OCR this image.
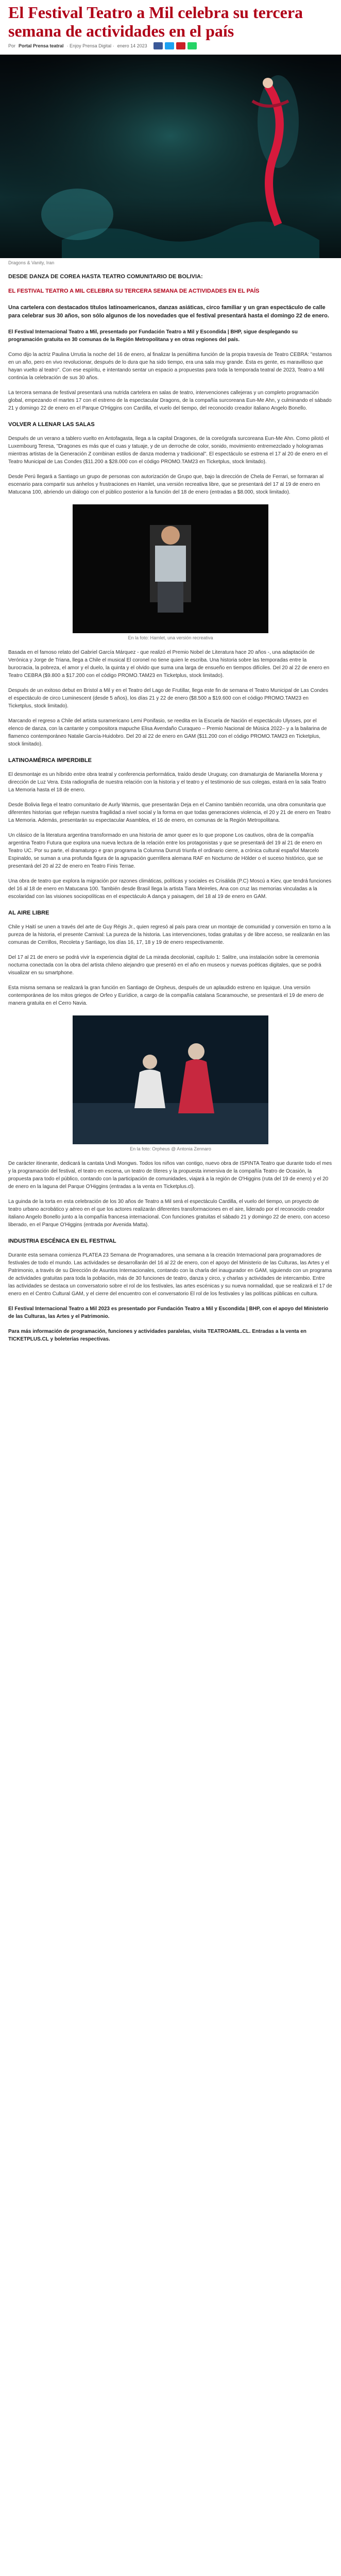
El Festival Teatro a Mil celebra su tercera semana de actividades en el país
Por Portal Prensa teatral · Enjoy Prensa Digital · enero 14 2023
Dragons & Vanity, Iran
DESDE DANZA DE COREA HASTA TEATRO COMUNITARIO DE BOLIVIA:
EL FESTIVAL TEATRO A MIL CELEBRA SU TERCERA SEMANA DE ACTIVIDADES EN EL PAÍS
Una cartelera con destacados títulos latinoamericanos, danzas asiáticas, circo familiar y un gran espectáculo de calle para celebrar sus 30 años, son sólo algunos de los novedades que el festival presentará hasta el domingo 22 de enero.

El Festival Internacional Teatro a Mil, presentado por Fundación Teatro a Mil y Escondida | BHP, sigue desplegando su programación gratuita en 30 comunas de la Región Metropolitana y en otras regiones del país.

Como dijo la actriz Paulina Urrutia la noche del 16 de enero, al finalizar la penúltima función de la propia travesía de Teatro CEBRA: "estamos en un año, pero en vivo revolucionar, después de lo dura que ha sido tiempo, era una sala muy grande. Ésta es gente, es maravilloso que hayan vuelto al teatro". Con ese espíritu, e intentando sentar un espacio a propuestas para toda la temporada teatral de 2023, Teatro a Mil continúa la celebración de sus 30 años.

La tercera semana de festival presentará una nutrida cartelera en salas de teatro, intervenciones callejeras y un completo programación global, empezando el martes 17 con el estreno de la espectacular Dragons, de la compañía surcoreana Eun-Me Ahn, y culminando el sábado 21 y domingo 22 de enero en el Parque O'Higgins con Cardilla, el vuelo del tiempo, del reconocido creador italiano Angelo Bonello.

VOLVER A LLENAR LAS SALAS

Después de un verano a tablero vuelto en Antofagasta, llega a la capital Dragones, de la coreógrafa surcoreana Eun-Me Ahn. Como pilotó el Luxembourg Teresa, "Dragones es más que el cuas y tatuaje, y de un derroche de color, sonido, movimiento entremezclado y hologramas mientras artistas de la Generación Z combinan estilos de danza moderna y tradicional". El espectáculo se estrena el 17 al 20 de enero en el Teatro Municipal de Las Condes ($11.200 a $28.000 con el código PROMO.TAM23 en Ticketplus, stock limitado).

Desde Perú llegará a Santiago un grupo de personas con autorización de Grupo que, bajo la dirección de Chela de Ferrari, se formaran al escenario para compartir sus anhelos y frustraciones en Hamlet, una versión recreativa libre, que se presentará del 17 al 19 de enero en Matucana 100, abriendo un diálogo con el público posterior a la función del 18 de enero (entradas a $8.000, stock limitado).

En la foto: Hamlet, una versión recreativa

Basada en el famoso relato del Gabriel García Márquez - que realizó el Premio Nobel de Literatura hace 20 años -, una adaptación de Verónica y Jorge de Triana, llega a Chile el musical El coronel no tiene quien le escriba. Una historia sobre las temporadas entre la burocracia, la pobreza, el amor y el duelo, la quinta y el olvido que suma una larga de ensueño en tiempos difíciles. Del 20 al 22 de enero en Teatro CEBRA ($9.800 a $17.200 con el código PROMO.TAM23 en Ticketplus, stock limitado).

Después de un exitoso debut en Bristol a Mil y en el Teatro del Lago de Frutillar, llega este fin de semana el Teatro Municipal de Las Condes el espectáculo de circo Luminescent (desde 5 años), los días 21 y 22 de enero ($8.500 a $19.600 con el código PROMO.TAM23 en Ticketplus, stock limitado).

Marcando el regreso a Chile del artista suramericano Lemi Ponifasio, se reedita en la Escuela de Nación el espectáculo Ulysses, por el elenco de danza, con la cantante y compositora mapuche Elisa Avendaño Curaqueo – Premio Nacional de Música 2022– y a la bailarina de flamenco contemporáneo Natalie García-Huidobro. Del 20 al 22 de enero en GAM ($11.200 con el código PROMO.TAM23 en Ticketplus, stock limitado).

LATINOAMÉRICA IMPERDIBLE

El desmontaje es un híbrido entre obra teatral y conferencia performática, traído desde Uruguay, con dramaturgia de Marianella Morena y dirección de Luz Vera. Esta radiografía de nuestra relación con la historia y el teatro y el testimonio de sus colegas, estará en la sala Teatro La Memoria hasta el 18 de enero.

Desde Bolivia llega el teatro comunitario de Aurly Warmis, que presentarán Deja en el Camino también recorrida, una obra comunitaria que diferentes historias que reflejan nuestra fragilidad a nivel social y la forma en que todas generaciones violencia, el 20 y 21 de enero en Teatro La Memoria. Además, presentarán su espectacular Asamblea, el 16 de enero, en comunas de la Región Metropolitana.

Un clásico de la literatura argentina transformado en una historia de amor queer es lo que propone Los cautivos, obra de la compañía argentina Teatro Futura que explora una nueva lectura de la relación entre los protagonistas y que se presentará del 19 al 21 de enero en Teatro UC. Por su parte, el dramaturgo e gran programa la Columna Durruti triunfa el ordinario cierre, a crónica cultural español Marcelo Espinaldo, se suman a una profunda figura de la agrupación guerrillera alemana RAF en Nocturno de Hölder o el suceso histórico, que se presentará del 20 al 22 de enero en Teatro Finis Terrae.

Una obra de teatro que explora la migración por razones climáticas, políticas y sociales es Crisálida (P.C) Moscú a Kiev, que tendrá funciones del 16 al 18 de enero en Matucana 100. También desde Brasil llega la artista Tiara Meireles, Ana con cruz las memorias vinculadas a la escolaridad con las visiones sociopolíticas en el espectáculo A dança y paisagem, del 18 al 19 de enero en GAM.

AL AIRE LIBRE

Chile y Haití se unen a través del arte de Guy Régis Jr., quien regresó al país para crear un montaje de comunidad y conversión en torno a la pureza de la historia, el presente Carnival: La pureza de la historia. Las intervenciones, todas gratuitas y de libre acceso, se realizarán en las comunas de Cerrillos, Recoleta y Santiago, los días 16, 17, 18 y 19 de enero respectivamente.

Del 17 al 21 de enero se podrá vivir la experiencia digital de La mirada decolonial, capítulo 1: Salitre, una instalación sobre la ceremonia nocturna conectada con la obra del artista chileno alejandro que presentó en el año en museos y nuevas poéticas digitales, que se podrá visualizar en su smartphone.

Esta misma semana se realizará la gran función en Santiago de Orpheus, después de un aplaudido estreno en Iquique. Una versión contemporánea de los mitos griegos de Orfeo y Eurídice, a cargo de la compañía catalana Scaramouche, se presentará el 19 de enero de manera gratuita en el Cerro Navia.

En la foto: Orpheus @ Antonia Zennaro

De carácter itinerante, dedicará la cantata Undi Mongws. Todos los niños van contigo, nuevo obra de ISPINTA Teatro que durante todo el mes y la programación del festival, el teatro en escena, un teatro de títeres y la propuesta inmersiva de la compañía Teatro de Ocasión, la propuesta para todo el público, contando con la participación de comunidades, viajará a la región de O'Higgins (ruta del 19 de enero) y el 20 de enero en la laguna del Parque O'Higgins (entradas a la venta en Ticketplus.cl).

La guinda de la torta en esta celebración de los 30 años de Teatro a Mil será el espectáculo Cardilla, el vuelo del tiempo, un proyecto de teatro urbano acrobático y aéreo en el que los actores realizarán diferentes transformaciones en el aire, liderado por el reconocido creador italiano Angelo Bonello junto a la compañía francesa internacional. Con funciones gratuitas el sábado 21 y domingo 22 de enero, con acceso liberado, en el Parque O'Higgins (entrada por Avenida Matta).

INDUSTRIA ESCÉNICA EN EL FESTIVAL

Durante esta semana comienza PLATEA 23 Semana de Programadores, una semana a la creación Internacional para programadores de festivales de todo el mundo. Las actividades se desarrollarán del 16 al 22 de enero, con el apoyo del Ministerio de las Culturas, las Artes y el Patrimonio, a través de su Dirección de Asuntos Internacionales, contando con la charla del inaugurador en GAM, siguiendo con un programa de actividades gratuitas para toda la población, más de 30 funciones de teatro, danza y circo, y charlas y actividades de intercambio. Entre las actividades se destaca un conversatorio sobre el rol de los festivales, las artes escénicas y su nueva normalidad, que se realizará el 17 de enero en el Centro Cultural GAM, y el cierre del encuentro con el conversatorio El rol de los festivales y las políticas públicas en cultura.

El Festival Internacional Teatro a Mil 2023 es presentado por Fundación Teatro a Mil y Escondida | BHP, con el apoyo del Ministerio de las Culturas, las Artes y el Patrimonio.

Para más información de programación, funciones y actividades paralelas, visita TEATROAMIL.CL. Entradas a la venta en TICKETPLUS.CL y boleterías respectivas.
